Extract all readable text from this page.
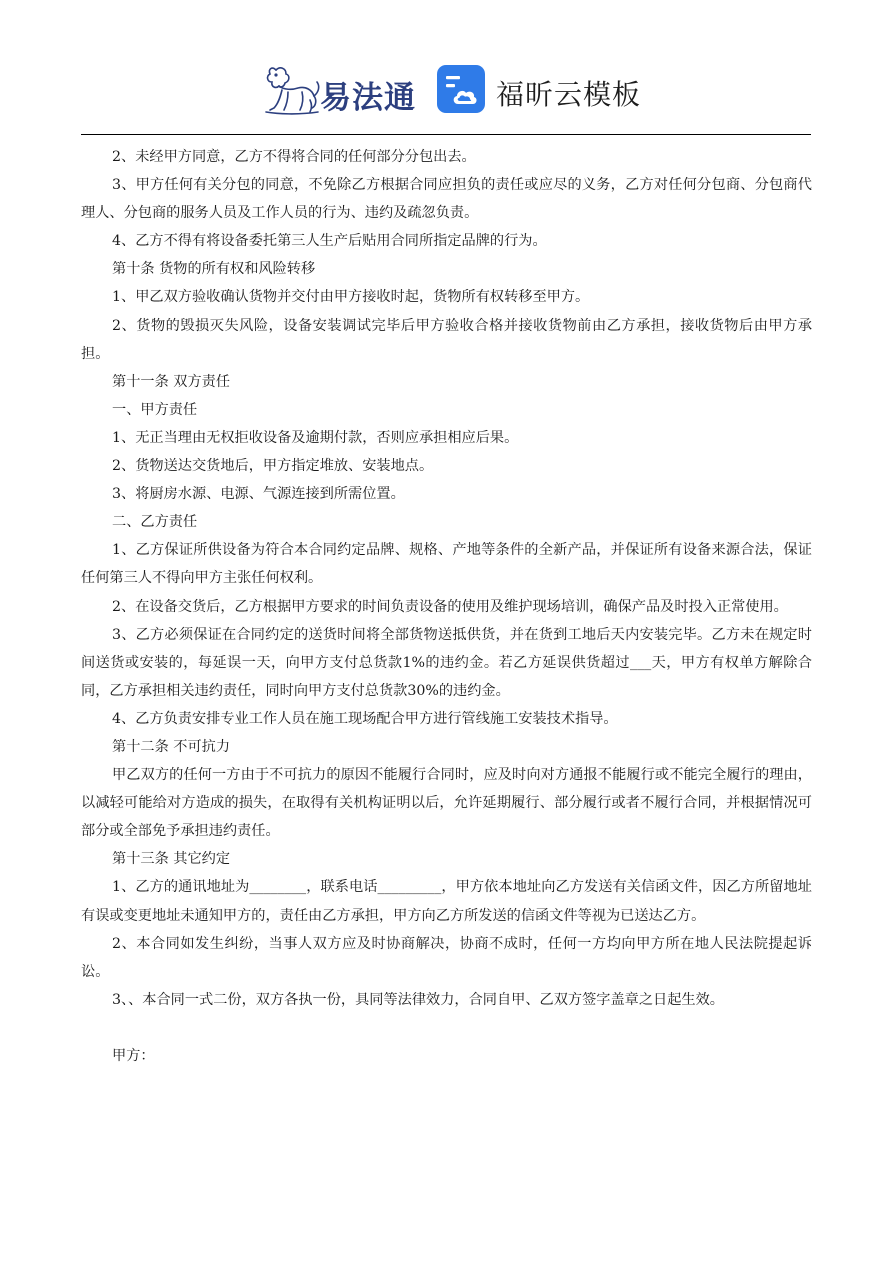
易法通	福昕云模板

2、未经甲方同意，乙方不得将合同的任何部分分包出去。

3、甲方任何有关分包的同意，不免除乙方根据合同应担负的责任或应尽的义务，乙方对任何分包商、分包商代理人、分包商的服务人员及工作人员的行为、违约及疏忽负责。

4、乙方不得有将设备委托第三人生产后贴用合同所指定品牌的行为。

第十条 货物的所有权和风险转移

1、甲乙双方验收确认货物并交付由甲方接收时起，货物所有权转移至甲方。

2、货物的毁损灭失风险，设备安装调试完毕后甲方验收合格并接收货物前由乙方承担，接收货物后由甲方承担。

第十一条 双方责任

一、甲方责任

1、无正当理由无权拒收设备及逾期付款，否则应承担相应后果。

2、货物送达交货地后，甲方指定堆放、安装地点。

3、将厨房水源、电源、气源连接到所需位置。

二、乙方责任

1、乙方保证所供设备为符合本合同约定品牌、规格、产地等条件的全新产品，并保证所有设备来源合法，保证任何第三人不得向甲方主张任何权利。

2、在设备交货后，乙方根据甲方要求的时间负责设备的使用及维护现场培训，确保产品及时投入正常使用。

3、乙方必须保证在合同约定的送货时间将全部货物送抵供货，并在货到工地后天内安装完毕。乙方未在规定时间送货或安装的，每延误一天，向甲方支付总货款1%的违约金。若乙方延误供货超过___天，甲方有权单方解除合同，乙方承担相关违约责任，同时向甲方支付总货款30%的违约金。

4、乙方负责安排专业工作人员在施工现场配合甲方进行管线施工安装技术指导。

第十二条 不可抗力

甲乙双方的任何一方由于不可抗力的原因不能履行合同时，应及时向对方通报不能履行或不能完全履行的理由，以减轻可能给对方造成的损失，在取得有关机构证明以后，允许延期履行、部分履行或者不履行合同，并根据情况可部分或全部免予承担违约责任。

第十三条 其它约定

1、乙方的通讯地址为________，联系电话_________，甲方依本地址向乙方发送有关信函文件，因乙方所留地址有误或变更地址未通知甲方的，责任由乙方承担，甲方向乙方所发送的信函文件等视为已送达乙方。

2、本合同如发生纠纷，当事人双方应及时协商解决，协商不成时，任何一方均向甲方所在地人民法院提起诉讼。

3、、本合同一式二份，双方各执一份，具同等法律效力，合同自甲、乙双方签字盖章之日起生效。

甲方：
